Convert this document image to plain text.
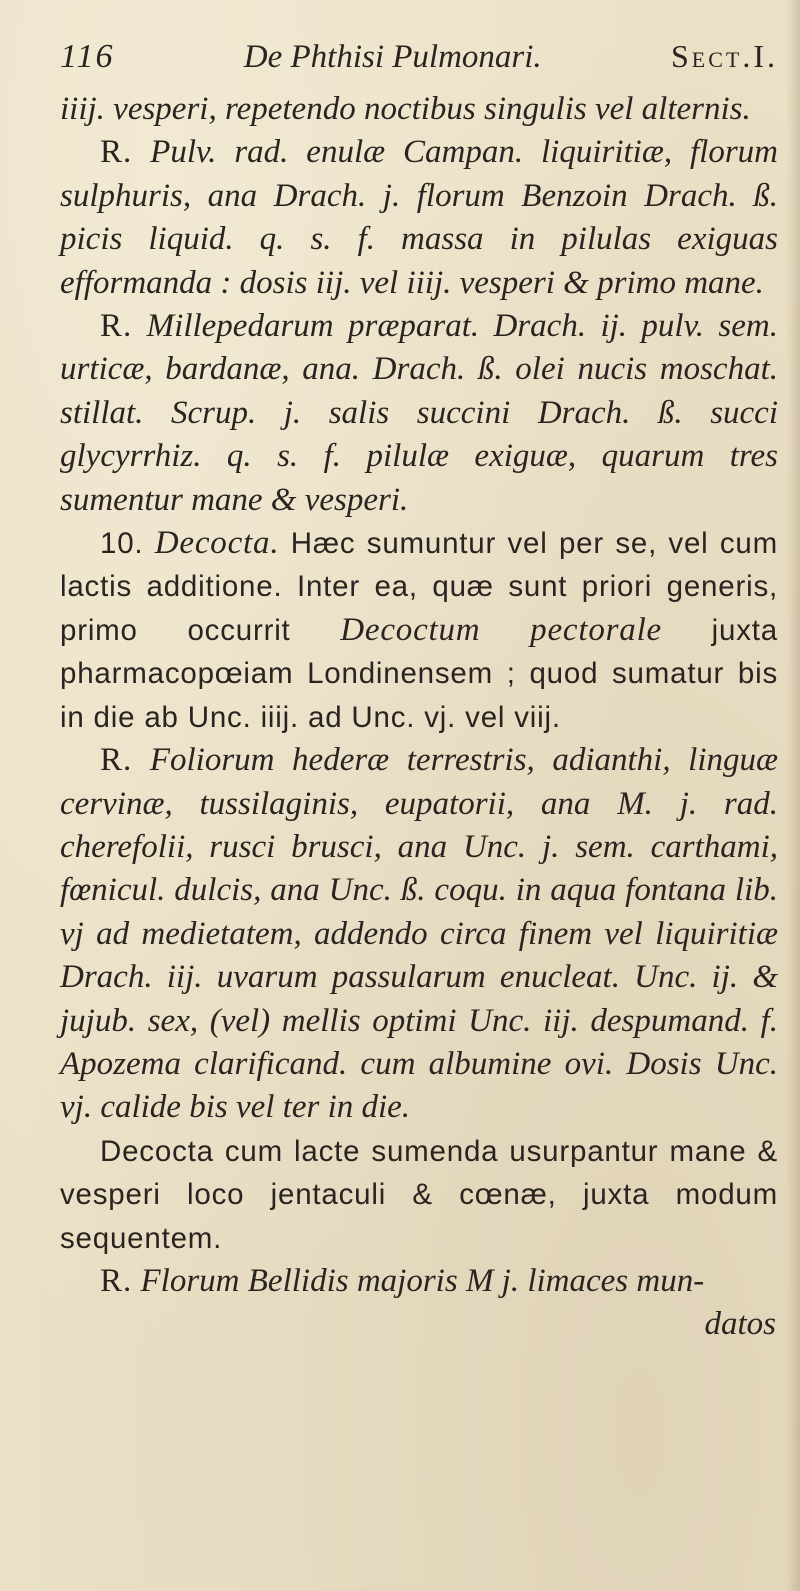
116	De Phthisi Pulmonari.	Sect.I.

iiij. vesperi, repetendo noctibus singulis vel alternis.

R. Pulv. rad. enulæ Campan. liquiritiæ, florum sulphuris, ana Drach. j. florum Benzoin Drach. ß. picis liquid. q. s. f. massa in pilulas exiguas efformanda : dosis iij. vel iiij. vesperi & primo mane.

R. Millepedarum præparat. Drach. ij. pulv. sem. urticæ, bardanæ, ana. Drach. ß. olei nucis moschat. stillat. Scrup. j. salis succini Drach. ß. succi glycyrrhiz. q. s. f. pilulæ exiguæ, quarum tres sumentur mane & vesperi.

10. Decocta. Hæc sumuntur vel per se, vel cum lactis additione. Inter ea, quæ sunt priori generis, primo occurrit Decoctum pectorale juxta pharmacopœiam Londinensem ; quod sumatur bis in die ab Unc. iiij. ad Unc. vj. vel viij.

R. Foliorum hederæ terrestris, adianthi, linguæ cervinæ, tussilaginis, eupatorii, ana M. j. rad. cherefolii, rusci brusci, ana Unc. j. sem. carthami, fœnicul. dulcis, ana Unc. ß. coqu. in aqua fontana lib. vj ad medietatem, addendo circa finem vel liquiritiæ Drach. iij. uvarum passularum enucleat. Unc. ij. & jujub. sex, (vel) mellis optimi Unc. iij. despumand. f. Apozema clarificand. cum albumine ovi. Dosis Unc. vj. calide bis vel ter in die.

Decocta cum lacte sumenda usurpantur mane & vesperi loco jentaculi & cœnæ, juxta modum sequentem.

R. Florum Bellidis majoris M j. limaces mun-

datos
